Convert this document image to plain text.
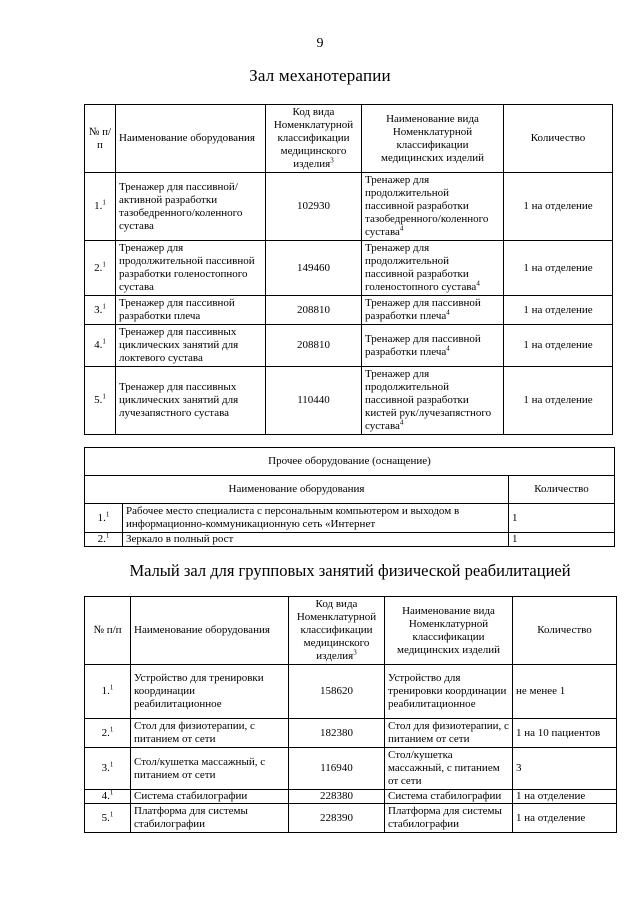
9
Зал механотерапии
№ п/п	Наименование оборудования	Код вида Номенклатурной классификации медицинского изделия$^3$	Наименование вида Номенклатурной классификации медицинских изделий	Количество
1.$^1$	Тренажер для пассивной/активной разработки тазобедренного/коленного сустава	102930	Тренажер для продолжительной пассивной разработки тазобедренного/коленного сустава$^4$	1 на отделение
2.$^1$	Тренажер для продолжительной пассивной разработки голеностопного сустава	149460	Тренажер для продолжительной пассивной разработки голеностопного сустава$^4$	1 на отделение
3.$^1$	Тренажер для пассивной разработки плеча	208810	Тренажер для пассивной разработки плеча$^4$	1 на отделение
4.$^1$	Тренажер для пассивных циклических занятий для локтевого сустава	208810	Тренажер для пассивной разработки плеча$^4$	1 на отделение
5.$^1$	Тренажер для пассивных циклических занятий для лучезапястного сустава	110440	Тренажер для продолжительной пассивной разработки кистей рук/лучезапястного сустава$^4$	1 на отделение
Прочее оборудование (оснащение)		
Наименование оборудования		Количество
1.$^1$	Рабочее место специалиста с персональным компьютером и выходом в информационно-коммуникационную сеть «Интернет	1
2.$^1$	Зеркало в полный рост	1
Малый зал для групповых занятий физической реабилитацией
№ п/п	Наименование оборудования	Код вида Номенклатурной классификации медицинского изделия$^3$	Наименование вида Номенклатурной классификации медицинских изделий	Количество
1.$^1$	Устройство для тренировки координации реабилитационное	158620	Устройство для тренировки координации реабилитационное	не менее 1
2.$^1$	Стол для физиотерапии, с питанием от сети	182380	Стол для физиотерапии, с питанием от сети	1 на 10 пациентов
3.$^1$	Стол/кушетка массажный, с питанием от сети	116940	Стол/кушетка массажный, с питанием от сети	3
4.$^1$	Система стабилографии	228380	Система стабилографии	1 на отделение
5.$^1$	Платформа для системы стабилографии	228390	Платформа для системы стабилографии	1 на отделение
